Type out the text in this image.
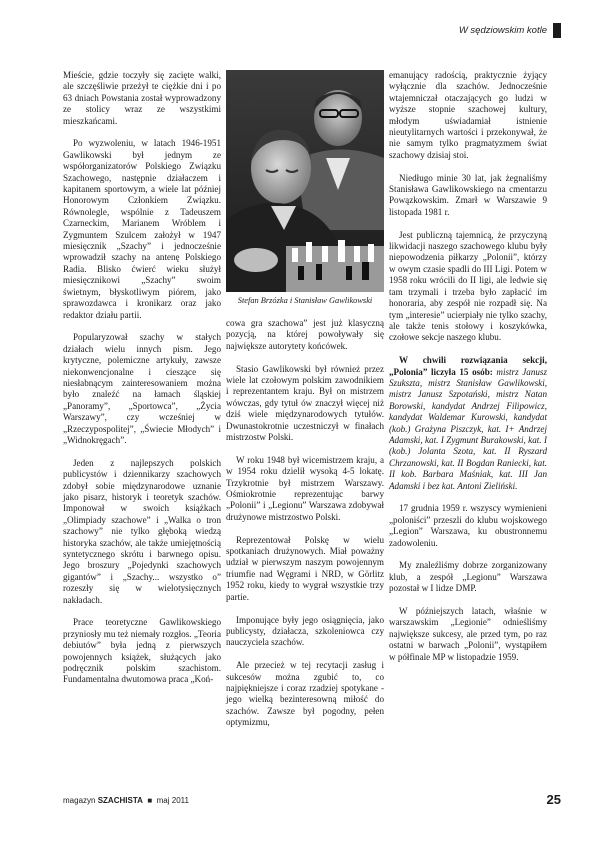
W sędziowskim kotle

Mieście, gdzie toczyły się zacięte walki, ale szczęśliwie przeżył te ciężkie dni i po 63 dniach Powstania został wyprowadzony ze stolicy wraz ze wszystkimi mieszkańcami.

Po wyzwoleniu, w latach 1946-1951 Gawlikowski był jednym ze współorganizatorów Polskiego Związku Szachowego, następnie działaczem i kapitanem sportowym, a wiele lat później Honorowym Członkiem Związku. Równolegle, wspólnie z Tadeuszem Czarneckim, Marianem Wróblem i Zygmuntem Szulcem założył w 1947 miesięcznik „Szachy” i jednocześnie wprowadził szachy na antenę Polskiego Radia. Blisko ćwierć wieku służył miesięcznikowi „Szachy” swoim świetnym, błyskotliwym piórem, jako sprawozdawca i kronikarz oraz jako redaktor działu partii.

Popularyzował szachy w stałych działach wielu innych pism. Jego krytyczne, polemiczne artykuły, zawsze niekonwencjonalne i cieszące się niesłabnącym zainteresowaniem można było znaleźć na łamach śląskiej „Panoramy”, „Sportowca”, „Życia Warszawy”, czy wcześniej w „Rzeczypospolitej”, „Świecie Młodych” i „Widnokręgach”.

Jeden z najlepszych polskich publicystów i dziennikarzy szachowych zdobył sobie międzynarodowe uznanie jako pisarz, historyk i teoretyk szachów. Imponował w swoich książkach „Olimpiady szachowe” i „Walka o tron szachowy” nie tylko głęboką wiedzą historyka szachów, ale także umiejętnością syntetycznego skrótu i barwnego opisu. Jego broszury „Pojedynki szachowych gigantów” i „Szachy... wszystko o” rozeszły się w wielotysięcznych nakładach.

Prace teoretyczne Gawlikowskiego przyniosły mu też niemały rozgłos. „Teoria debiutów” była jedną z pierwszych powojennych książek, służących jako podręcznik polskim szachistom. Fundamentalna dwutomowa praca „Koń-

Stefan Brzózka i Stanisław Gawlikowski

cowa gra szachowa” jest już klasyczną pozycją, na której powoływały się największe autorytety końcówek.

Stasio Gawlikowski był również przez wiele lat czołowym polskim zawodnikiem i reprezentantem kraju. Był on mistrzem wówczas, gdy tytuł ów znaczył więcej niż dziś wiele międzynarodowych tytułów. Dwunastokrotnie uczestniczył w finałach mistrzostw Polski.

W roku 1948 był wicemistrzem kraju, a w 1954 roku dzielił wysoką 4-5 lokatę. Trzykrotnie był mistrzem Warszawy. Ośmiokrotnie reprezentując barwy „Polonii” i „Legionu” Warszawa zdobywał drużynowe mistrzostwo Polski.

Reprezentował Polskę w wielu spotkaniach drużynowych. Miał poważny udział w pierwszym naszym powojennym triumfie nad Węgrami i NRD, w Görlitz 1952 roku, kiedy to wygrał wszystkie trzy partie.

Imponujące były jego osiągnięcia, jako publicysty, działacza, szkoleniowca czy nauczyciela szachów.

Ale przecież w tej recytacji zasług i sukcesów można zgubić to, co najpiękniejsze i coraz rzadziej spotykane - jego wielką bezinteresowną miłość do szachów. Zawsze był pogodny, pełen optymizmu,

emanujący radością, praktycznie żyjący wyłącznie dla szachów. Jednocześnie wtajemniczał otaczających go ludzi w wyższe stopnie szachowej kultury, młodym uświadamiał istnienie nieutylitarnych wartości i przekonywał, że nie samym tylko pragmatyzmem świat szachowy dzisiaj stoi.

Niedługo minie 30 lat, jak żegnaliśmy Stanisława Gawlikowskiego na cmentarzu Powązkowskim. Zmarł w Warszawie 9 listopada 1981 r.

Jest publiczną tajemnicą, że przyczyną likwidacji naszego szachowego klubu były niepowodzenia piłkarzy „Polonii”, którzy w owym czasie spadli do III Ligi. Potem w 1958 roku wrócili do II ligi, ale ledwie się tam trzymali i trzeba było zapłacić im honoraria, aby zespół nie rozpadł się. Na tym „interesie” ucierpiały nie tylko szachy, ale także tenis stołowy i koszykówka, czołowe sekcje naszego klubu.

W chwili rozwiązania sekcji, „Polonia” liczyła 15 osób: mistrz Janusz Szukszta, mistrz Stanisław Gawlikowski, mistrz Janusz Szpotański, mistrz Natan Borowski, kandydat Andrzej Filipowicz, kandydat Waldemar Kurowski, kandydat (kob.) Grażyna Piszczyk, kat. I+ Andrzej Adamski, kat. I Zygmunt Burakowski, kat. I (kob.) Jolanta Szota, kat. II Ryszard Chrzanowski, kat. II Bogdan Raniecki, kat. II kob. Barbara Maśniak, kat. III Jan Adamski i bez kat. Antoni Zieliński.

17 grudnia 1959 r. wszyscy wymienieni „poloniści” przeszli do klubu wojskowego „Legion” Warszawa, ku obustronnemu zadowoleniu.

My znaleźliśmy dobrze zorganizowany klub, a zespół „Legionu” Warszawa pozostał w I lidze DMP.

W późniejszych latach, właśnie w warszawskim „Legionie” odnieśliśmy największe sukcesy, ale przed tym, po raz ostatni w barwach „Polonii”, wystąpiłem w półfinale MP w listopadzie 1959.

magazyn SZACHISTA  ■  maj 2011	25
